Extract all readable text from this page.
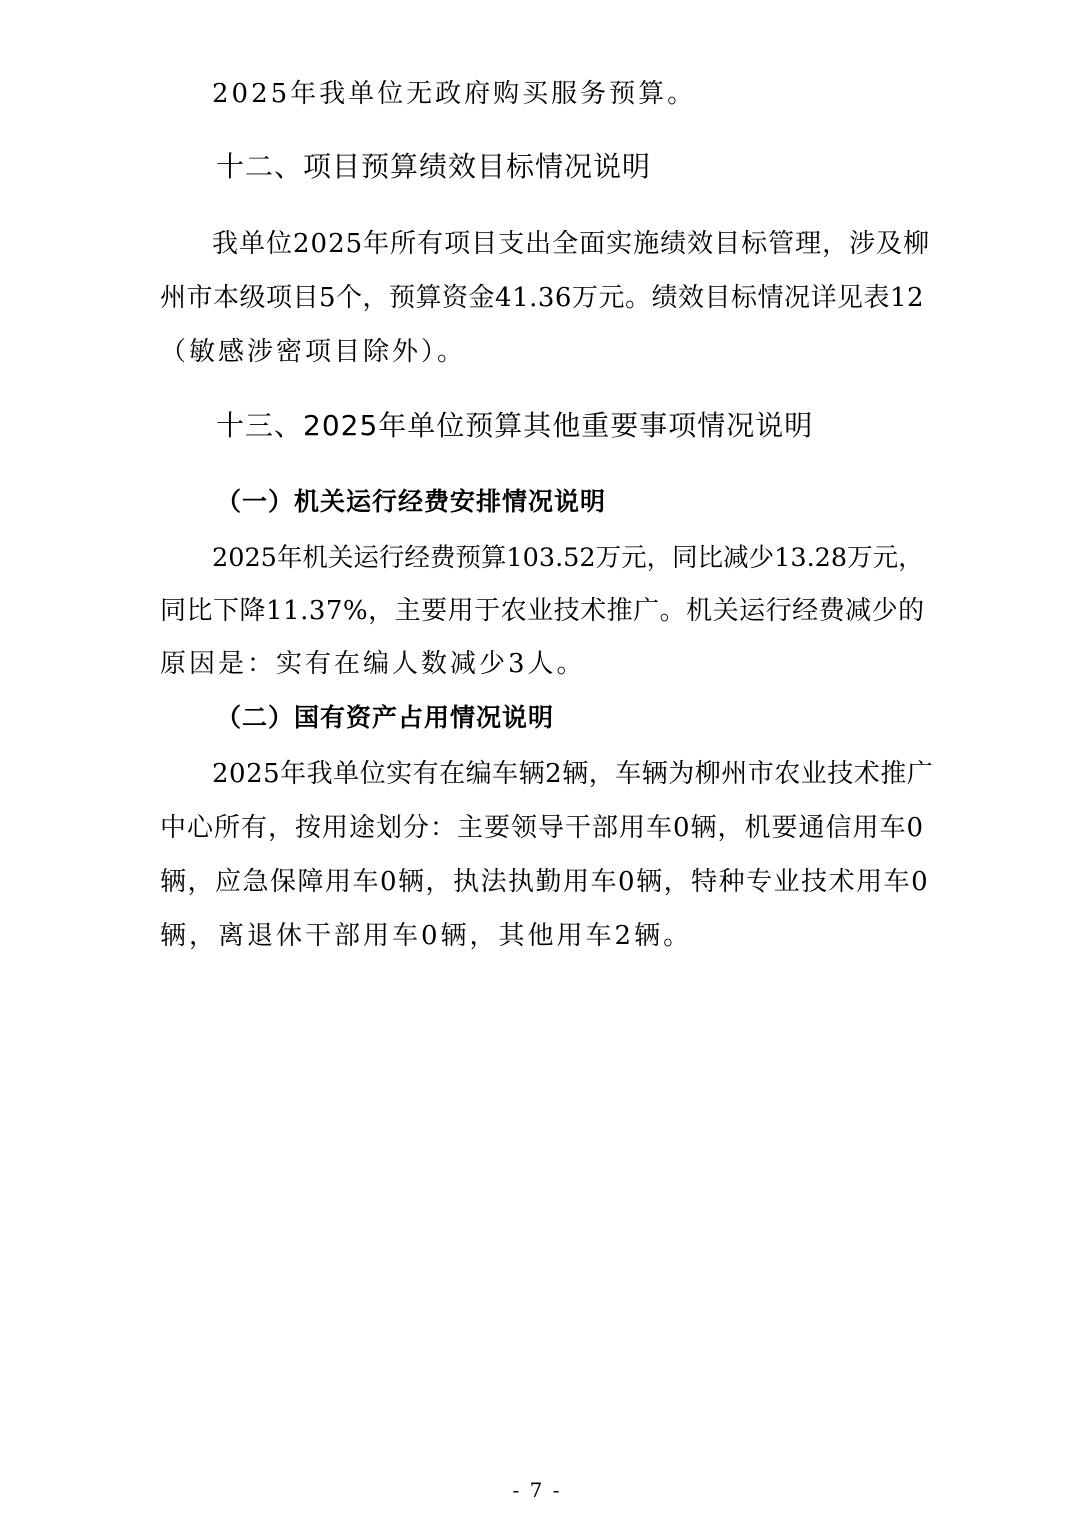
2025年我单位无政府购买服务预算。
十二、项目预算绩效目标情况说明
我单位2025年所有项目支出全面实施绩效目标管理，涉及柳
州市本级项目5个，预算资金41.36万元。绩效目标情况详见表12
（敏感涉密项目除外）。
十三、2025年单位预算其他重要事项情况说明
（一）机关运行经费安排情况说明
2025年机关运行经费预算103.52万元，同比减少13.28万元，
同比下降11.37%，主要用于农业技术推广。机关运行经费减少的
原因是：实有在编人数减少3人。
（二）国有资产占用情况说明
2025年我单位实有在编车辆2辆，车辆为柳州市农业技术推广
中心所有，按用途划分：主要领导干部用车0辆，机要通信用车0
辆，应急保障用车0辆，执法执勤用车0辆，特种专业技术用车0
辆，离退休干部用车0辆，其他用车2辆。
- 7 -
